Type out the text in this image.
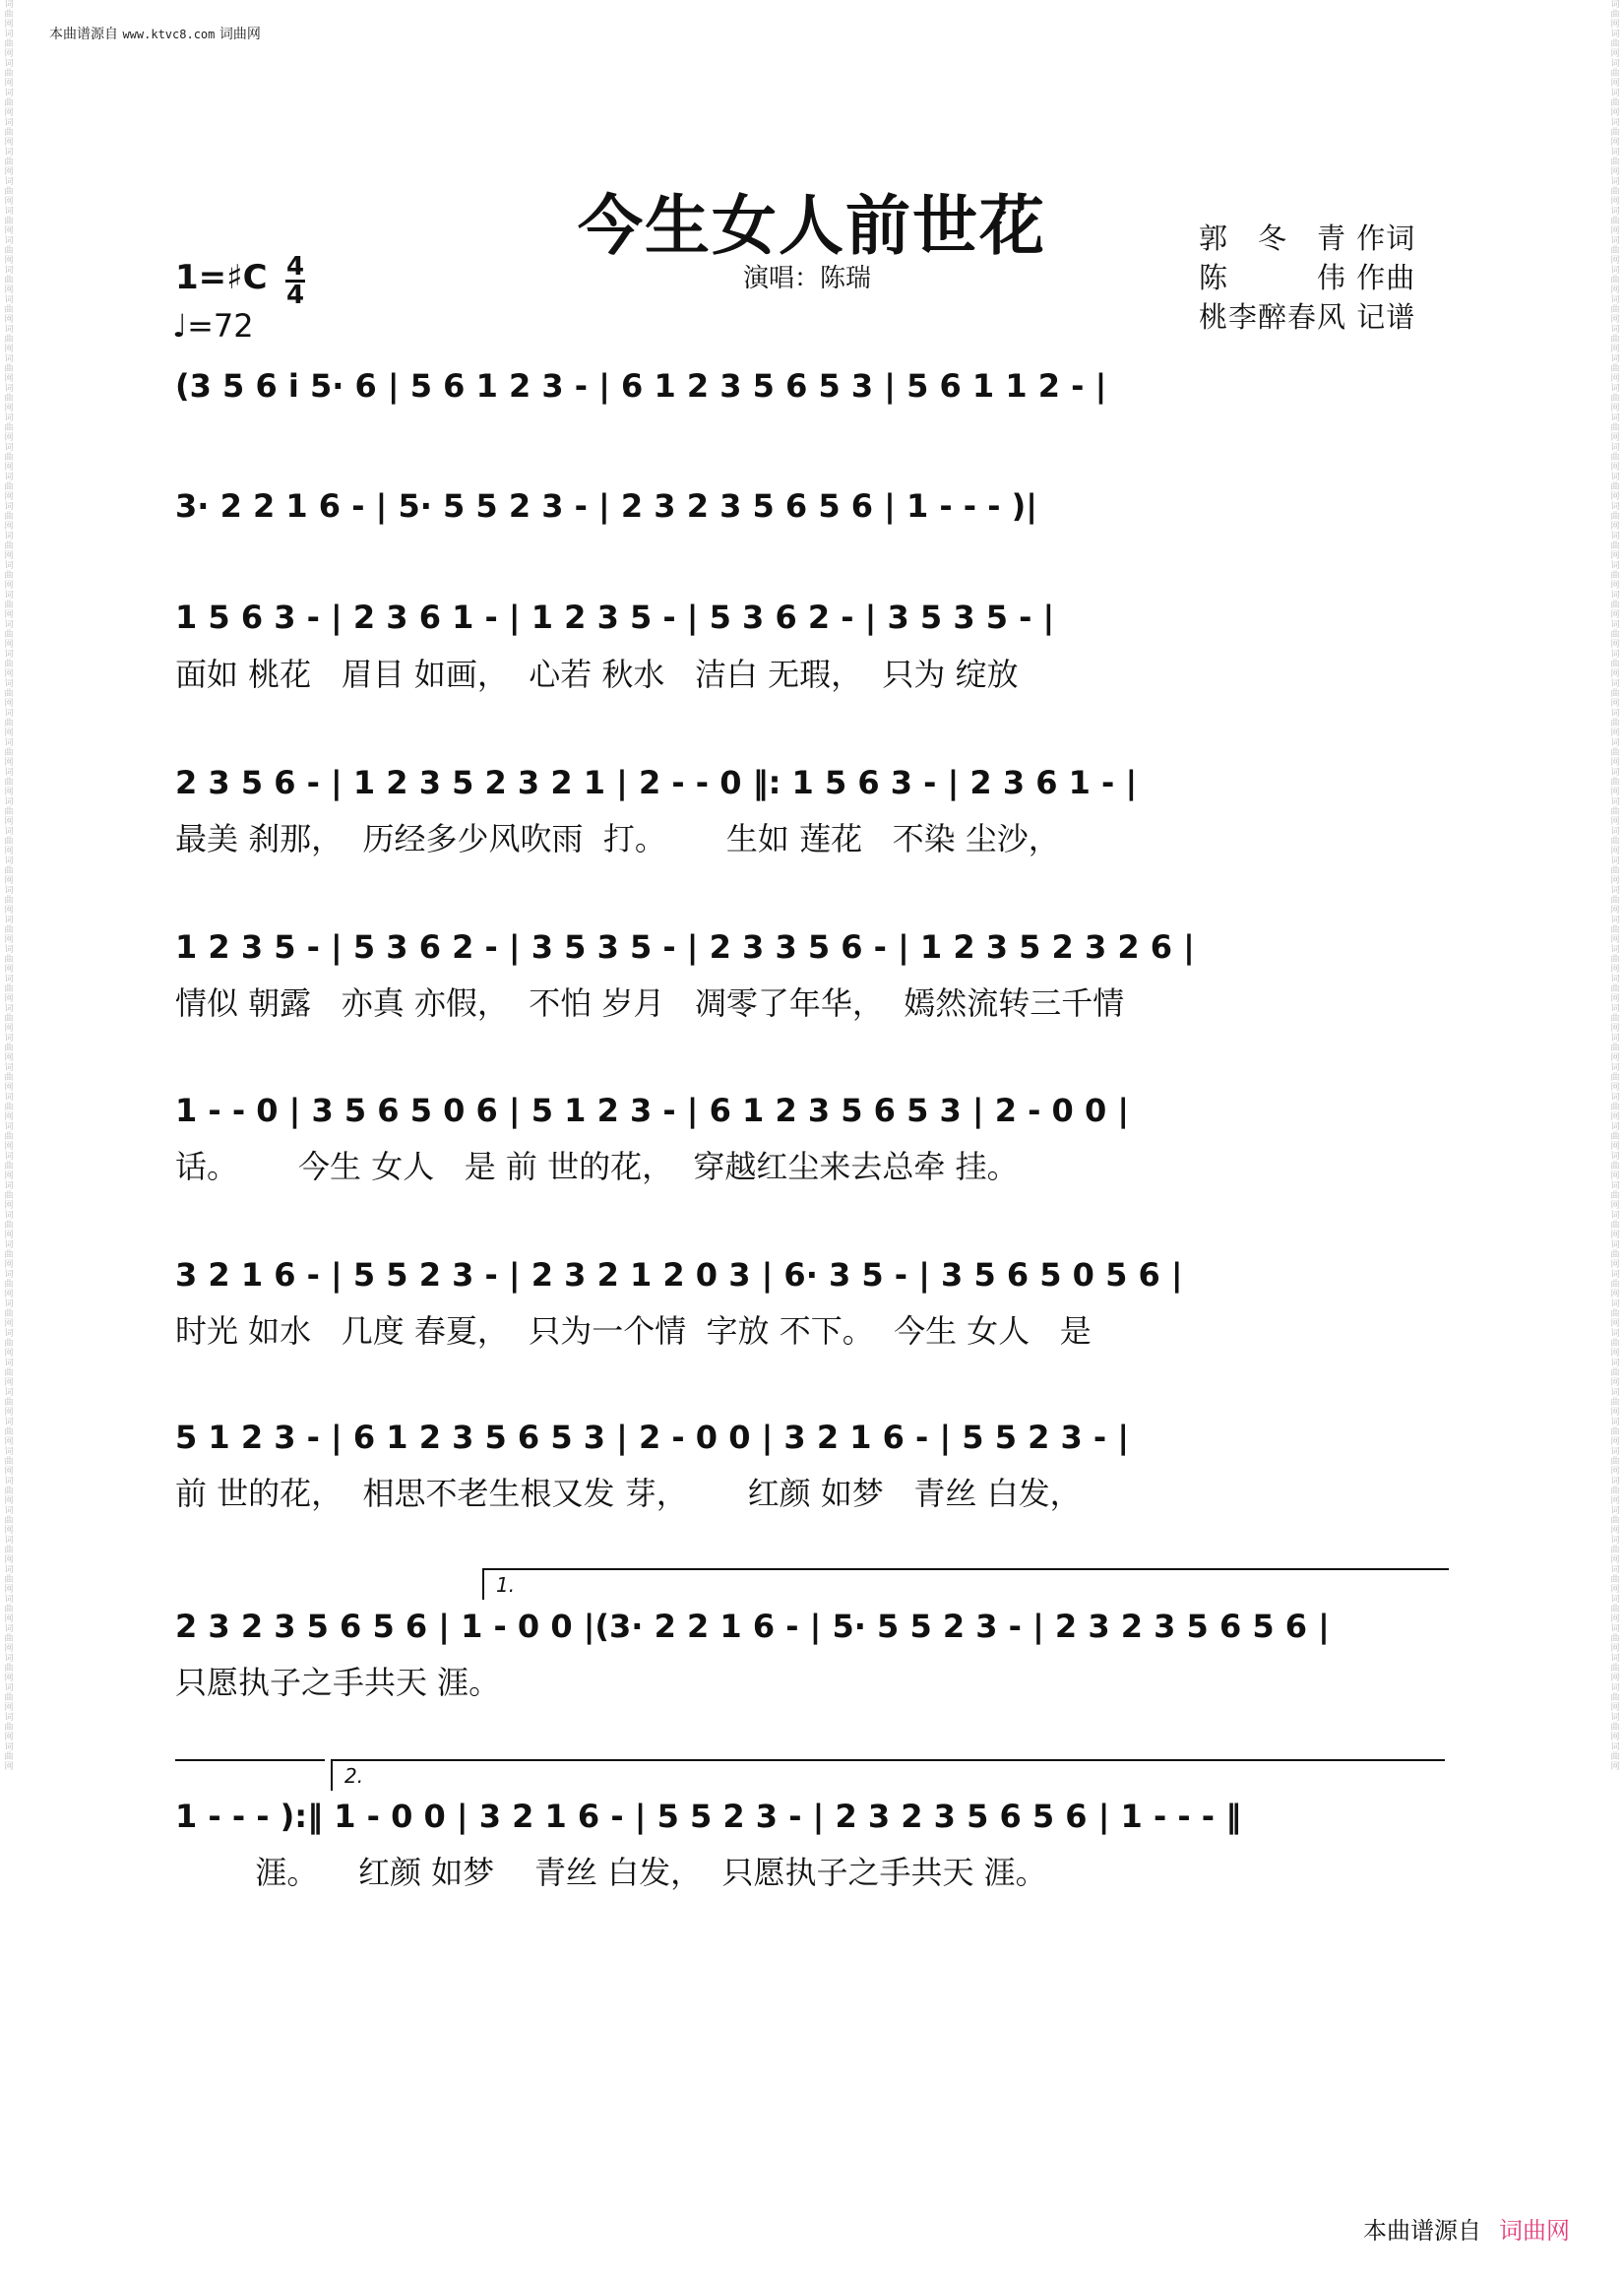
本曲谱源自 www.ktvc8.com 词曲网
词曲网词曲网词曲网词曲网词曲网词曲网词曲网词曲网词曲网词曲网词曲网词曲网词曲网词曲网词曲网词曲网词曲网词曲网词曲网词曲网词曲网词曲网词曲网词曲网词曲网词曲网词曲网词曲网词曲网词曲网词曲网词曲网词曲网词曲网词曲网词曲网词曲网词曲网词曲网词曲网词曲网词曲网词曲网词曲网词曲网词曲网词曲网词曲网词曲网词曲网词曲网词曲网词曲网词曲网词曲网词曲网词曲网词曲网词曲网词曲网
词曲网词曲网词曲网词曲网词曲网词曲网词曲网词曲网词曲网词曲网词曲网词曲网词曲网词曲网词曲网词曲网词曲网词曲网词曲网词曲网词曲网词曲网词曲网词曲网词曲网词曲网词曲网词曲网词曲网词曲网词曲网词曲网词曲网词曲网词曲网词曲网词曲网词曲网词曲网词曲网词曲网词曲网词曲网词曲网词曲网词曲网词曲网词曲网词曲网词曲网词曲网词曲网词曲网词曲网词曲网词曲网词曲网词曲网词曲网词曲网
今生女人前世花
演唱：陈瑞
郭　冬　青 作词
陈　　　伟 作曲
桃李醉春风 记谱
1=♯C 4
4
♩=72
(3 5 6 i 5· 6 | 5 6 1 2 3 - | 6 1 2 3 5 6 5 3 | 5 6 1 1 2 - |
3· 2 2 1 6 - | 5· 5 5 2 3 - | 2 3 2 3 5 6 5 6 | 1 - - - )|
1 5 6 3 - | 2 3 6 1 - | 1 2 3 5 - | 5 3 6 2 - | 3 5 3 5 - |
面如 桃花   眉目 如画，  心若 秋水   洁白 无瑕，  只为 绽放
2 3 5 6 - | 1 2 3 5 2 3 2 1 | 2 - - 0 ‖: 1 5 6 3 - | 2 3 6 1 - |
最美 刹那，  历经多少风吹雨  打。      生如 莲花   不染 尘沙，
1 2 3 5 - | 5 3 6 2 - | 3 5 3 5 - | 2 3 3 5 6 - | 1 2 3 5 2 3 2 6 |
情似 朝露   亦真 亦假，  不怕 岁月   凋零了年华，  嫣然流转三千情
1 - - 0 | 3 5 6 5 0 6 | 5 1 2 3 - | 6 1 2 3 5 6 5 3 | 2 - 0 0 |
话。      今生 女人   是 前 世的花，  穿越红尘来去总牵 挂。
3 2 1 6 - | 5 5 2 3 - | 2 3 2 1 2 0 3 | 6· 3 5 - | 3 5 6 5 0 5 6 |
时光 如水   几度 春夏，  只为一个情  字放 不下。  今生 女人   是
5 1 2 3 - | 6 1 2 3 5 6 5 3 | 2 - 0 0 | 3 2 1 6 - | 5 5 2 3 - |
前 世的花，  相思不老生根又发 芽，      红颜 如梦   青丝 白发，
1.
2 3 2 3 5 6 5 6 | 1 - 0 0 |(3· 2 2 1 6 - | 5· 5 5 2 3 - | 2 3 2 3 5 6 5 6 |
只愿执子之手共天 涯。
2.
1 - - - ):‖ 1 - 0 0 | 3 2 1 6 - | 5 5 2 3 - | 2 3 2 3 5 6 5 6 | 1 - - - ‖
涯。    红颜 如梦    青丝 白发，  只愿执子之手共天 涯。
本曲谱源自 词曲网
